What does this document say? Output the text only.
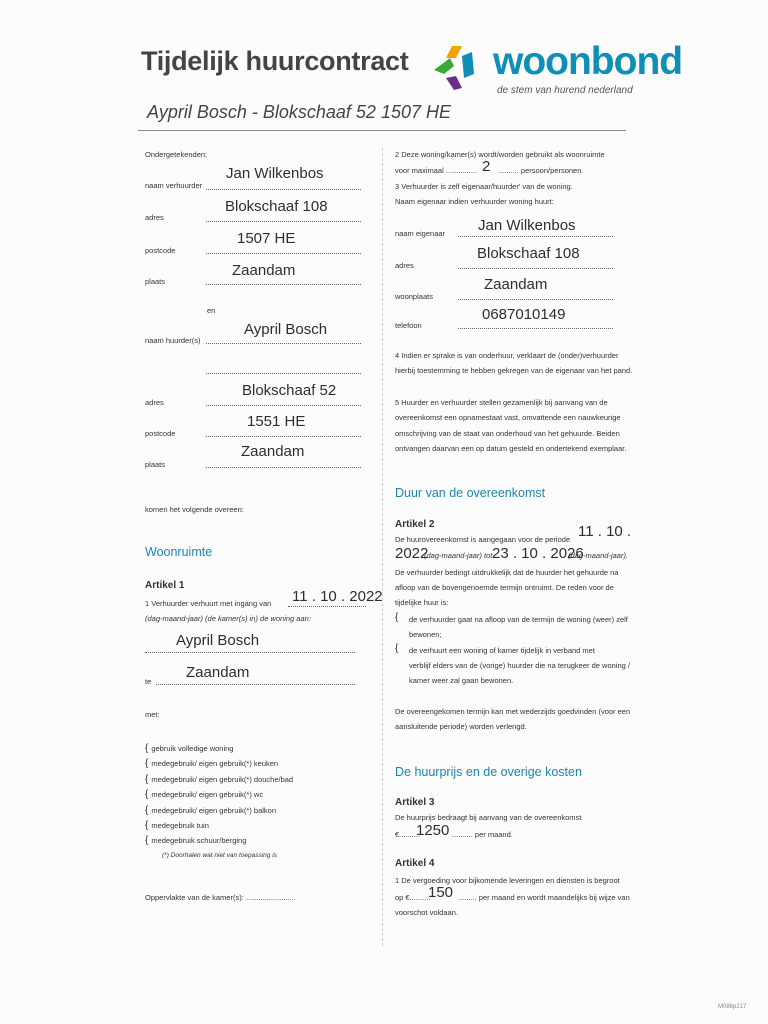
Tijdelijk huurcontract
Aypril Bosch - Blokschaaf 52 1507 HE
woonbond
de stem van hurend nederland
Ondergetekenden;
naam verhuurder
Jan Wilkenbos
adres
Blokschaaf 108
postcode
1507 HE
plaats
Zaandam
en
naam huurder(s)
Aypril Bosch
adres
Blokschaaf 52
postcode
1551 HE
plaats
Zaandam
komen het volgende overeen:
Woonruimte
Artikel 1
1 Verhuurder verhuurt met ingang van 11 . 10 . 2022
(dag-maand-jaar) (de kamer(s) in) de woning aan:
Aypril Bosch
te
Zaandam
met:
{ gebruik volledige woning
{ medegebruik/ eigen gebruik(*) keuken
{ medegebruik/ eigen gebruik(*) douche/bad
{ medegebruik/ eigen gebruik(*) wc
{ medegebruik/ eigen gebruik(*) balkon
{ medegebruik tuin
{ medegebruik schuur/berging
(*) Doorhalen wat niet van toepassing is
Oppervlakte van de kamer(s): ........................
2 Deze woning/kamer(s) wordt/worden gebruikt als woonruimte
voor maximaal ............... 2 .......... persoon/personen.
3 Verhuurder is zelf eigenaar/huurder' van de woning.
Naam eigenaar indien verhuurder woning huurt:
naam eigenaar Jan Wilkenbos
adres
Blokschaaf 108
woonplaats
Zaandam
telefoon
0687010149
4 Indien er sprake is van onderhuur, verklaart de (onder)verhuurder
hierbij toestemming te hebben gekregen van de eigenaar van het pand.
5 Huurder en verhuurder stellen gezamenlijk bij aanvang van de
overeenkomst een opnamestaat vast, omvattende een nauwkeurige
omschrijving van de staat van onderhoud van het gehuurde. Beiden
ontvangen daarvan een op datum gesteld en ondertekend exemplaar.
Duur van de overeenkomst
Artikel 2
De huurovereenkomst is aangegaan voor de periode 11 . 10 .
2022
(dag-maand-jaar) tot 23 . 10 . 2026
(dag-maand-jaar).
De verhuurder bedingt uitdrukkelijk dat de huurder het gehuurde na
afloop van de bovengenoemde termijn ontruimt. De reden voor de
tijdelijke huur is:
{ de verhuurder gaat na afloop van de termijn de woning (weer) zelf
bewonen;
{ de verhuurt een woning of kamer tijdelijk in verband met
verblijf elders van de (vorige) huurder die na terugkeer de woning /
kamer weer zal gaan bewonen.
De overeengekomen termijn kan met wederzijds goedvinden (voor een
aansluitende periode) worden verlengd.
De huurprijs en de overige kosten
Artikel 3
De huurprijs bedraagt bij aanvang van de overeenkomst
€..........
1250 .......... per maand.
Artikel 4
1 De vergoeding voor bijkomende leveringen en diensten is begroot
op €..........
150 ......... per maand en wordt maandelijks bij wijze van
voorschot voldaan.
M086p217
